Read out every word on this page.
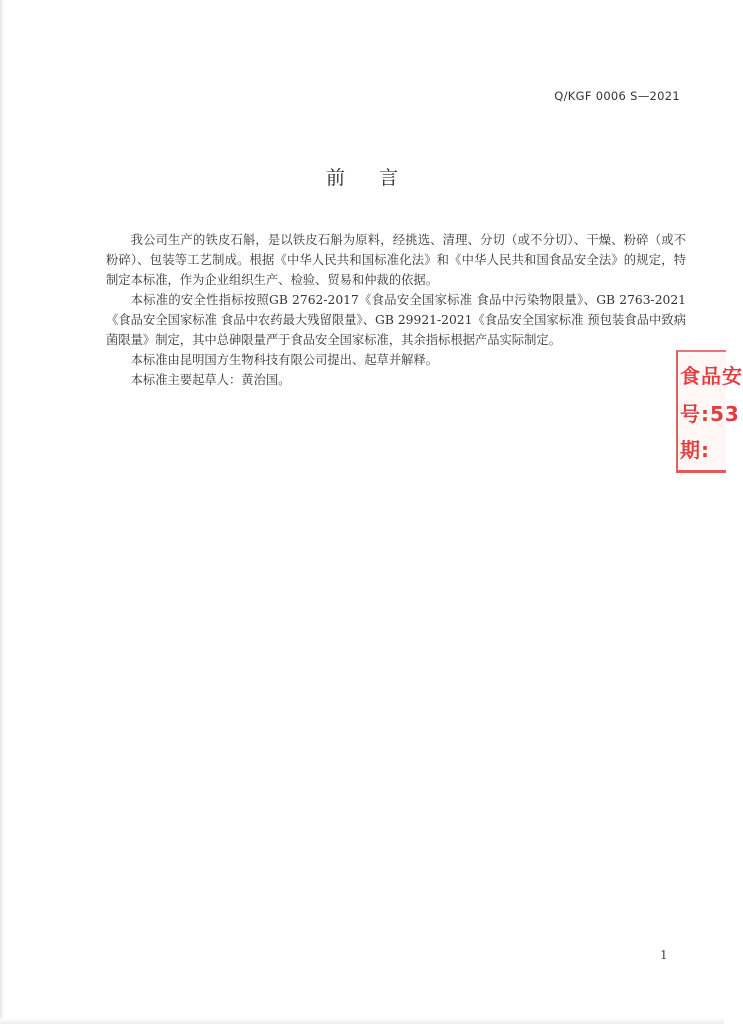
Q/KGF 0006 S—2021
前 言

我公司生产的铁皮石斛，是以铁皮石斛为原料，经挑选、清理、分切（或不分切）、干燥、粉碎（或不粉碎）、包装等工艺制成。根据《中华人民共和国标准化法》和《中华人民共和国食品安全法》的规定，特制定本标准，作为企业组织生产、检验、贸易和仲裁的依据。

本标准的安全性指标按照GB 2762-2017《食品安全国家标准 食品中污染物限量》、GB 2763-2021《食品安全国家标准 食品中农药最大残留限量》、GB 29921-2021《食品安全国家标准 预包装食品中致病菌限量》制定，其中总砷限量严于食品安全国家标准，其余指标根据产品实际制定。

本标准由昆明国方生物科技有限公司提出、起草并解释。

本标准主要起草人：黄治国。	食品安
号:53
期:
1
